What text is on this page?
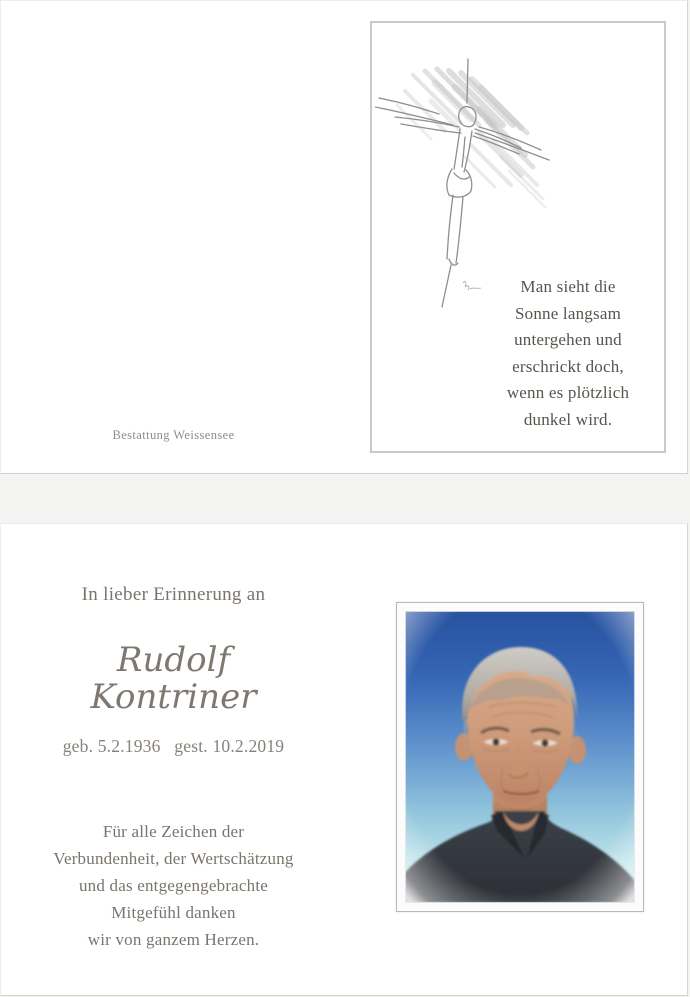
Bestattung Weissensee
Man sieht die
Sonne langsam
untergehen und
erschrickt doch,
wenn es plötzlich
dunkel wird.
In lieber Erinnerung an
Rudolf
Kontriner
geb. 5.2.1936   gest. 10.2.2019
Für alle Zeichen der
Verbundenheit, der Wertschätzung
und das entgegengebrachte
Mitgefühl danken
wir von ganzem Herzen.
